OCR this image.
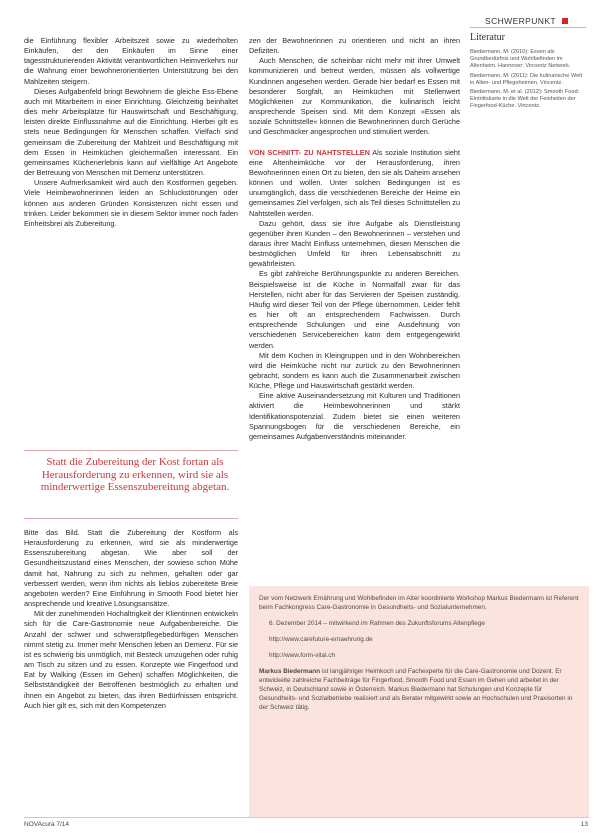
SCHWERPUNKT

die Einführung flexibler Arbeitszeit sowie zu wiederholten Einkäufen, der den Einkäufen im Sinne einer tagesstrukturierenden Aktivität verantwortlichen Heimverkehrs nur die Wahrung einer bewohnerorientierten Unterstützung bei den Mahlzeiten steigern.

Dieses Aufgabenfeld bringt Bewohnern die gleiche Ess-Ebene auch mit Mitarbeitern in einer Einrichtung. Gleichzeitig beinhaltet dies mehr Arbeitsplätze für Hauswirtschaft und Beschäftigung, leisten direkte Einflussnahme auf die Einrichtung. Hierbei gilt es stets neue Bedingungen für Menschen schaffen. Vielfach sind gemeinsam die Zubereitung der Mahlzeit und Beschäftigung mit dem Essen in Heimküchen gleichermaßen interessant. Ein gemeinsames Küchenerlebnis kann auf vielfältige Art Angebote der Betreuung von Menschen mit Demenz unterstützen.

Unsere Aufmerksamkeit wird auch den Kostformen gegeben. Viele Heimbewohnerinnen leiden an Schluckstörungen oder können aus anderen Gründen Konsistenzen nicht essen und trinken. Leider bekommen sie in diesem Sektor immer noch faden Einheitsbrei als Zubereitung.

Statt die Zubereitung der Kost fortan als Herausforderung zu erkennen, wird sie als minderwertige Essenszubereitung abgetan.

Bitte das Bild. Statt die Zubereitung der Kostform als Herausforderung zu erkennen, wird sie als minderwertige Essenszubereitung abgetan. Wie aber soll der Gesundheitszustand eines Menschen, der sowieso schon Mühe damit hat, Nahrung zu sich zu nehmen, gehalten oder gar verbessert werden, wenn ihm nichts als lieblos zubereitete Breie angeboten werden? Eine Einführung in Smooth Food bietet hier ansprechende und kreative Lösungsansätze.

Mit der zunehmenden Hochaltrigkeit der Klientinnen entwickeln sich für die Care-Gastronomie neue Aufgabenbereiche. Die Anzahl der schwer und schwerstpflegebedürftigen Menschen nimmt stetig zu. Immer mehr Menschen leben an Demenz. Für sie ist es schwierig bis unmöglich, mit Besteck umzugehen oder ruhig am Tisch zu sitzen und zu essen. Konzepte wie Fingerfood und Eat by Walking (Essen im Gehen) schaffen Möglichkeiten, die Selbstständigkeit der Betroffenen bestmöglich zu erhalten und ihnen ein Angebot zu bieten, das ihren Bedürfnissen entspricht. Auch hier gilt es, sich mit den Kompetenzen

zen der Bewohnerinnen zu orientieren und nicht an ihren Defiziten.

Auch Menschen, die scheinbar nicht mehr mit ihrer Umwelt kommunizieren und betreut werden, müssen als vollwertige Kundinnen angesehen werden. Gerade hier bedarf es Essen mit besonderer Sorgfalt, an Heimküchen mit Stellenwert Möglichkeiten zur Kommunikation, die kulinarisch leicht ansprechende Speisen sind. Mit dem Konzept »Essen als soziale Schnittstelle« können die Bewohnerinnen durch Gerüche und Geschmäcker angesprochen und stimuliert werden.

VON SCHNITT- ZU NAHTSTELLEN Als soziale Institution sieht eine Altenheimküche vor der Herausforderung, ihren Bewohnerinnen einen Ort zu bieten, den sie als Daheim ansehen können und wollen. Unter solchen Bedingungen ist es unumgänglich, dass die verschiedenen Bereiche der Heime ein gemeinsames Ziel verfolgen, sich als Teil dieses Schnittstellen zu Nahtstellen werden.

Dazu gehört, dass sie ihre Aufgabe als Dienstleistung gegenüber ihren Kunden – den Bewohnerinnen – verstehen und daraus ihrer Macht Einfluss unternehmen, diesen Menschen die bestmöglichen Umfeld für ihren Lebensabschnitt zu gewährleisten.

Es gibt zahlreiche Berührungspunkte zu anderen Bereichen. Beispielsweise ist die Küche in Normalfall zwar für das Herstellen, nicht aber für das Servieren der Speisen zuständig. Häufig wird dieser Teil von der Pflege übernommen. Leider fehlt es hier oft an entsprechendem Fachwissen. Durch entsprechende Schulungen und eine Ausdehnung von verschiedenen Servicebereichen kann dem entgegengewirkt werden.

Mit dem Kochen in Kleingruppen und in den Wohnbereichen wird die Heimküche nicht nur zurück zu den Bewohnerinnen gebracht, sondern es kann auch die Zusammenarbeit zwischen Küche, Pflege und Hauswirtschaft gestärkt werden.

Eine aktive Auseinandersetzung mit Kulturen und Traditionen aktiviert die Heimbewohnerinnen und stärkt Identifikationspotenzial. Zudem bietet sie einen weiteren Spannungsbogen für die verschiedenen Bereiche, ein gemeinsames Aufgabenverständnis miteinander.

Literatur

Biedermann, M. (2010): Essen als Grundbedürfnis und Wohlbefinden im Altenheim. Hannover: Vincentz Network.

Biedermann, M. (2011): Die kulinarische Welt in Alten- und Pflegeheimen. Vincentz.

Biedermann, M. et al. (2012): Smooth Food: Eintrittskarte in die Welt der Feinheiten der Fingerfood-Küche. Vincentz.

Der vom Netzwerk Ernährung und Wohlbefinden im Alter koordinierte Workshop Markus Biedermann ist Referent beim Fachkongress Care-Gastronomie in Gesundheits- und Sozialunternehmen.

6. Dezember 2014 – mitwirkend im Rahmen des Zukunftsforums Altenpflege

http://www.carefuture-ernaehrung.de

http://www.form-vital.ch

Markus Biedermann ist langjähriger Heimkoch und Fachexperte für die Care-Gastronomie und Dozent. Er entwickelte zahlreiche Fachbeiträge für Fingerfood, Smooth Food und Essen im Gehen und arbeitet in der Schweiz, in Deutschland sowie in Österreich. Markus Biedermann hat Schulungen und Konzepte für Gesundheits- und Sozialbetriebe realisiert und als Berater mitgewirkt sowie an Hochschulen und Praxisorten in der Schweiz tätig.

NOVAcura 7/14	13
